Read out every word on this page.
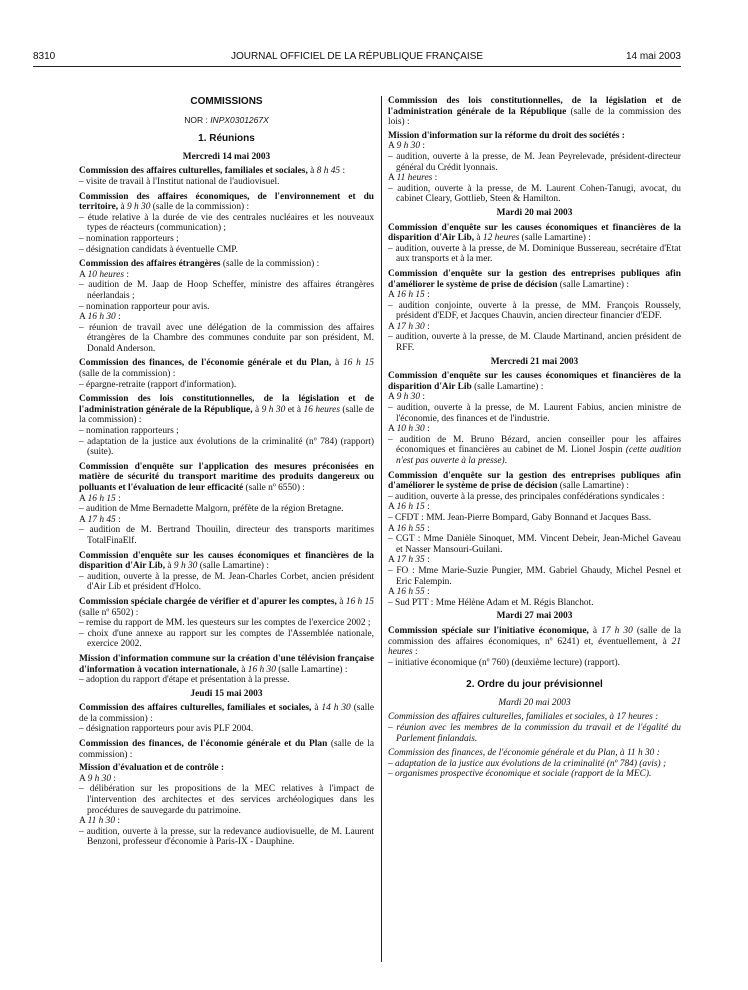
8310	JOURNAL OFFICIEL DE LA RÉPUBLIQUE FRANÇAISE	14 mai 2003
COMMISSIONS
NOR : INPX0301267X
1. Réunions
Mercredi 14 mai 2003

Commission des affaires culturelles, familiales et sociales, à 8 h 45 :

– visite de travail à l'Institut national de l'audiovisuel.

Commission des affaires économiques, de l'environnement et du territoire, à 9 h 30 (salle de la commission) :

– étude relative à la durée de vie des centrales nucléaires et les nouveaux types de réacteurs (communication) ;

– nomination rapporteurs ;

– désignation candidats à éventuelle CMP.

Commission des affaires étrangères (salle de la commission) :

A 10 heures :

– audition de M. Jaap de Hoop Scheffer, ministre des affaires étrangères néerlandais ;

– nomination rapporteur pour avis.

A 16 h 30 :

– réunion de travail avec une délégation de la commission des affaires étrangères de la Chambre des communes conduite par son président, M. Donald Anderson.

Commission des finances, de l'économie générale et du Plan, à 16 h 15 (salle de la commission) :

– épargne-retraite (rapport d'information).

Commission des lois constitutionnelles, de la législation et de l'administration générale de la République, à 9 h 30 et à 16 heures (salle de la commission) :

– nomination rapporteurs ;

– adaptation de la justice aux évolutions de la criminalité (nº 784) (rapport) (suite).

Commission d'enquête sur l'application des mesures préconisées en matière de sécurité du transport maritime des produits dangereux ou polluants et l'évaluation de leur efficacité (salle nº 6550) :

A 16 h 15 :

– audition de Mme Bernadette Malgorn, préfète de la région Bretagne.

A 17 h 45 :

– audition de M. Bertrand Thouilin, directeur des transports maritimes TotalFinaElf.

Commission d'enquête sur les causes économiques et financières de la disparition d'Air Lib, à 9 h 30 (salle Lamartine) :

– audition, ouverte à la presse, de M. Jean-Charles Corbet, ancien président d'Air Lib et président d'Holco.

Commission spéciale chargée de vérifier et d'apurer les comptes, à 16 h 15 (salle nº 6502) :

– remise du rapport de MM. les questeurs sur les comptes de l'exercice 2002 ;

– choix d'une annexe au rapport sur les comptes de l'Assemblée nationale, exercice 2002.

Mission d'information commune sur la création d'une télévision française d'information à vocation internationale, à 16 h 30 (salle Lamartine) :

– adoption du rapport d'étape et présentation à la presse.

Jeudi 15 mai 2003

Commission des affaires culturelles, familiales et sociales, à 14 h 30 (salle de la commission) :

– désignation rapporteurs pour avis PLF 2004.

Commission des finances, de l'économie générale et du Plan (salle de la commission) :

Mission d'évaluation et de contrôle :

A 9 h 30 :

– délibération sur les propositions de la MEC relatives à l'impact de l'intervention des architectes et des services archéologiques dans les procédures de sauvegarde du patrimoine.

A 11 h 30 :

– audition, ouverte à la presse, sur la redevance audiovisuelle, de M. Laurent Benzoni, professeur d'économie à Paris-IX - Dauphine.

Commission des lois constitutionnelles, de la législation et de l'administration générale de la République (salle de la commission des lois) :

Mission d'information sur la réforme du droit des sociétés :

A 9 h 30 :

– audition, ouverte à la presse, de M. Jean Peyrelevade, président-directeur général du Crédit lyonnais.

A 11 heures :

– audition, ouverte à la presse, de M. Laurent Cohen-Tanugi, avocat, du cabinet Cleary, Gottlieb, Steen & Hamilton.

Mardi 20 mai 2003

Commission d'enquête sur les causes économiques et financières de la disparition d'Air Lib, à 12 heures (salle Lamartine) :

– audition, ouverte à la presse, de M. Dominique Bussereau, secrétaire d'Etat aux transports et à la mer.

Commission d'enquête sur la gestion des entreprises publiques afin d'améliorer le système de prise de décision (salle Lamartine) :

A 16 h 15 :

– audition conjointe, ouverte à la presse, de MM. François Roussely, président d'EDF, et Jacques Chauvin, ancien directeur financier d'EDF.

A 17 h 30 :

– audition, ouverte à la presse, de M. Claude Martinand, ancien président de RFF.

Mercredi 21 mai 2003

Commission d'enquête sur les causes économiques et financières de la disparition d'Air Lib (salle Lamartine) :

A 9 h 30 :

– audition, ouverte à la presse, de M. Laurent Fabius, ancien ministre de l'économie, des finances et de l'industrie.

A 10 h 30 :

– audition de M. Bruno Bézard, ancien conseiller pour les affaires économiques et financières au cabinet de M. Lionel Jospin (cette audition n'est pas ouverte à la presse).

Commission d'enquête sur la gestion des entreprises publiques afin d'améliorer le système de prise de décision (salle Lamartine) :

– audition, ouverte à la presse, des principales confédérations syndicales :

A 16 h 15 :

– CFDT : MM. Jean-Pierre Bompard, Gaby Bonnand et Jacques Bass.

A 16 h 55 :

– CGT : Mme Danièle Sinoquet, MM. Vincent Debeir, Jean-Michel Gaveau et Nasser Mansouri-Guilani.

A 17 h 35 :

– FO : Mme Marie-Suzie Pungier, MM. Gabriel Ghaudy, Michel Pesnel et Eric Falempin.

A 16 h 55 :

– Sud PTT : Mme Hélène Adam et M. Régis Blanchot.

Mardi 27 mai 2003

Commission spéciale sur l'initiative économique, à 17 h 30 (salle de la commission des affaires économiques, nº 6241) et, éventuellement, à 21 heures :

– initiative économique (nº 760) (deuxième lecture) (rapport).

2. Ordre du jour prévisionnel
Mardi 20 mai 2003

Commission des affaires culturelles, familiales et sociales, à 17 heures :

– réunion avec les membres de la commission du travail et de l'égalité du Parlement finlandais.

Commission des finances, de l'économie générale et du Plan, à 11 h 30 :

– adaptation de la justice aux évolutions de la criminalité (nº 784) (avis) ;

– organismes prospective économique et sociale (rapport de la MEC).
